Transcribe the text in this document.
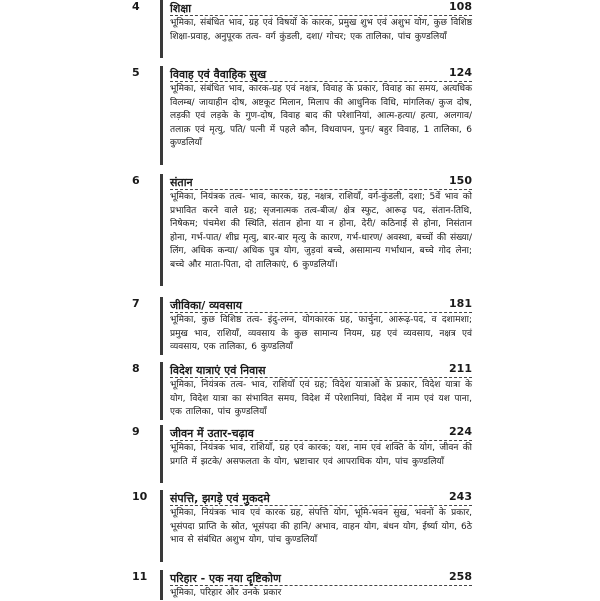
4	शिक्षा	108
भूमिका, संबंधित भाव, ग्रह एवं विषयों के कारक, प्रमुख शुभ एवं अशुभ योग, कुछ विशिष्ठ शिक्षा-प्रवाह, अनुपूरक तत्व- वर्ग कुंडली, दशा/ गोचर; एक तालिका, पांच कुण्डलियाँ
5	विवाह एवं वैवाहिक सुख	124
भूमिका, संबंधित भाव, कारक-ग्रह एवं नक्षत्र, विवाह के प्रकार, विवाह का समय, अत्यधिक विलम्ब/ जायाहीन दोष, अष्टकूट मिलान, मिलाप की आधुनिक विधि, मांगलिक/ कुज दोष, लड़की एवं लड़के के गुण-दोष, विवाह बाद की परेशानियां, आत्म-हत्या/ हत्या, अलगाव/ तलाक़ एवं मृत्यु, पति/ पत्नी में पहले कौन, विधवापन, पुनः/ बहुर विवाह, 1 तालिका, 6 कुण्डलियाँ
6	संतान	150
भूमिका, नियंत्रक तत्व- भाव, कारक, ग्रह, नक्षत्र, राशियाँ, वर्ग-कुंडली, दशा; 5वें भाव को प्रभावित करने वाले ग्रह; सृजनात्मक तत्व-बीज/ क्षेत्र स्फुट, आरूढ़ पद, संतान-तिथि, निषेकम; पंचमेश की स्थिति, संतान होना या न होना, देरी/ कठिनाई से होना, निसंतान होना, गर्भ-पात/ शीघ्र मृत्यु, बार-बार मृत्यु के कारण, गर्भ-धारण/ अवस्था, बच्चों की संख्या/ लिंग, अधिक कन्या/ अधिक पुत्र योग, जुड़वां बच्चे, असामान्य गर्भाधान, बच्चे गोद लेना; बच्चे और माता-पिता, दो तालिकाएं, 6 कुण्डलियाँ।
7	जीविका/ व्यवसाय	181
भूमिका, कुछ विशिष्ठ तत्व- इंदु-लग्न, योगकारक ग्रह, फार्चुना, आरूढ़-पद, व दशामशा; प्रमुख भाव, राशियाँ, व्यवसाय के कुछ सामान्य नियम, ग्रह एवं व्यवसाय, नक्षत्र एवं व्यवसाय, एक तालिका, 6 कुण्डलियाँ
8	विदेश यात्राएं एवं निवास	211
भूमिका, नियंत्रक तत्व- भाव, राशियाँ एवं ग्रह; विदेश यात्राओं के प्रकार, विदेश यात्रा के योग, विदेश यात्रा का संभावित समय, विदेश में परेशानियां, विदेश में नाम एवं यश पाना, एक तालिका, पांच कुण्डलियाँ
9	जीवन में उतार-चढ़ाव	224
भूमिका, नियंत्रक भाव, राशियाँ, ग्रह एवं कारक; यश, नाम एवं शक्ति के योग, जीवन की प्रगति में झटके/ असफलता के योग, भ्रष्टाचार एवं आपराधिक योग, पांच कुण्डलियाँ
10 संपत्ति, झगड़े एवं मुकदमे	243
भूमिका, नियंत्रक भाव एवं कारक ग्रह, संपत्ति योग, भूमि-भवन सुख, भवनों के प्रकार, भूसंपदा प्राप्ति के स्रोत, भूसंपदा की हानि/ अभाव, वाहन योग, बंधन योग, ईर्ष्या योग, 6ठे भाव से संबंधित अशुभ योग, पांच कुण्डलियाँ
11 परिहार - एक नया दृष्टिकोण	258
भूमिका, परिहार और उनके प्रकार
